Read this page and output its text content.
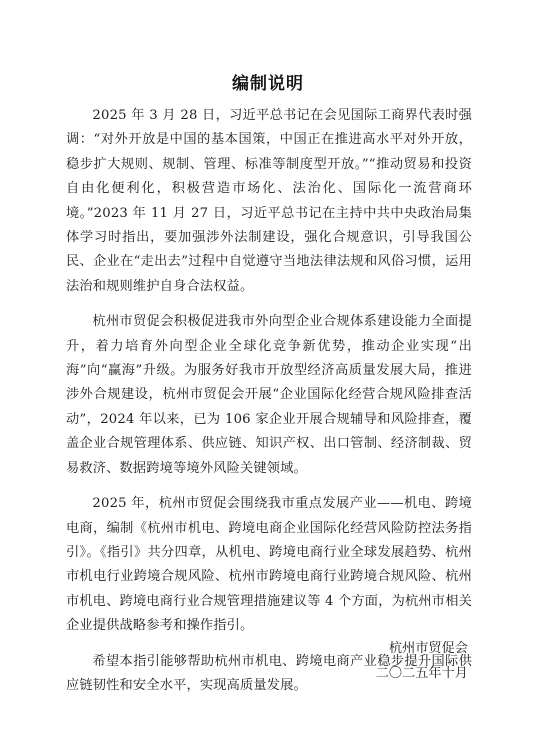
编制说明

2025 年 3 月 28 日，习近平总书记在会见国际工商界代表时强调：“对外开放是中国的基本国策，中国正在推进高水平对外开放，稳步扩大规则、规制、管理、标准等制度型开放。”“推动贸易和投资自由化便利化，积极营造市场化、法治化、国际化一流营商环境。”2023 年 11 月 27 日，习近平总书记在主持中共中央政治局集体学习时指出，要加强涉外法制建设，强化合规意识，引导我国公民、企业在“走出去”过程中自觉遵守当地法律法规和风俗习惯，运用法治和规则维护自身合法权益。

杭州市贸促会积极促进我市外向型企业合规体系建设能力全面提升，着力培育外向型企业全球化竞争新优势，推动企业实现“出海”向“赢海”升级。为服务好我市开放型经济高质量发展大局，推进涉外合规建设，杭州市贸促会开展“企业国际化经营合规风险排查活动”，2024 年以来，已为 106 家企业开展合规辅导和风险排查，覆盖企业合规管理体系、供应链、知识产权、出口管制、经济制裁、贸易救济、数据跨境等境外风险关键领域。

2025 年，杭州市贸促会围绕我市重点发展产业——机电、跨境电商，编制《杭州市机电、跨境电商企业国际化经营风险防控法务指引》。《指引》共分四章，从机电、跨境电商行业全球发展趋势、杭州市机电行业跨境合规风险、杭州市跨境电商行业跨境合规风险、杭州市机电、跨境电商行业合规管理措施建议等 4 个方面，为杭州市相关企业提供战略参考和操作指引。

希望本指引能够帮助杭州市机电、跨境电商产业稳步提升国际供应链韧性和安全水平，实现高质量发展。

杭州市贸促会
二〇二五年十月
